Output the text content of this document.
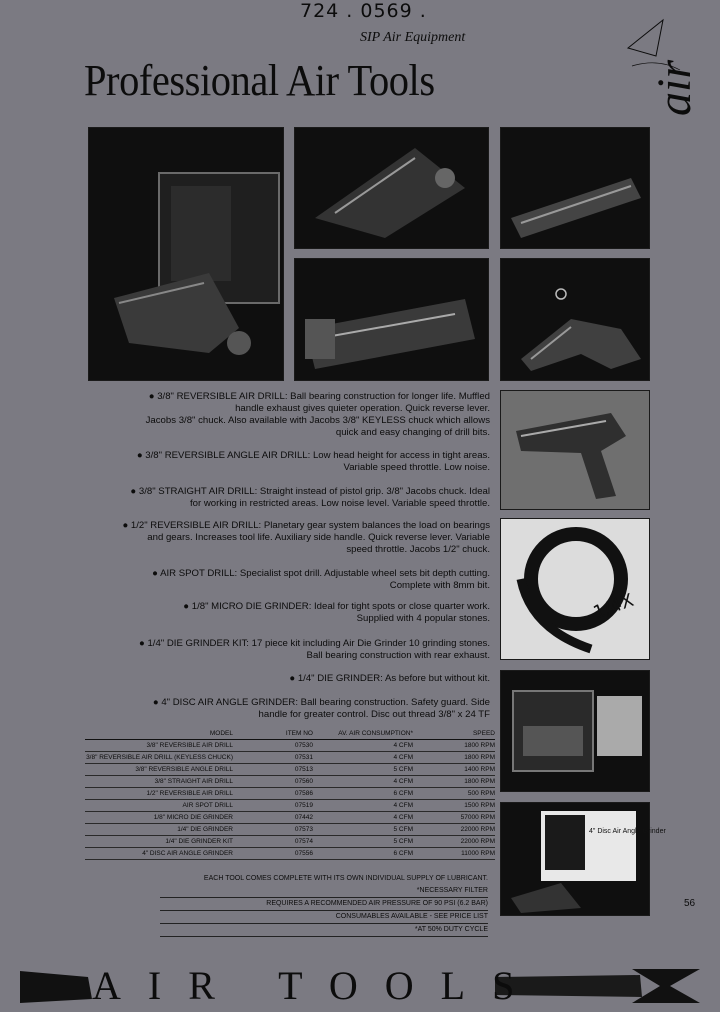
724 . 0569 .
SIP Air Equipment
Professional Air Tools	air
1/4X
4" Disc Air Angle Grinder
● 3/8" REVERSIBLE AIR DRILL: Ball bearing construction for longer life. Muffled
handle exhaust gives quieter operation. Quick reverse lever.
Jacobs 3/8" chuck. Also available with Jacobs 3/8" KEYLESS chuck which allows
quick and easy changing of drill bits.
● 3/8" REVERSIBLE ANGLE AIR DRILL: Low head height for access in tight areas.
Variable speed throttle. Low noise.
● 3/8" STRAIGHT AIR DRILL: Straight instead of pistol grip. 3/8" Jacobs chuck. Ideal
for working in restricted areas. Low noise level. Variable speed throttle.
● 1/2" REVERSIBLE AIR DRILL: Planetary gear system balances the load on bearings
and gears. Increases tool life. Auxiliary side handle. Quick reverse lever. Variable
speed throttle. Jacobs 1/2" chuck.
● AIR SPOT DRILL: Specialist spot drill. Adjustable wheel sets bit depth cutting.
Complete with 8mm bit.
● 1/8" MICRO DIE GRINDER: Ideal for tight spots or close quarter work.
Supplied with 4 popular stones.
● 1/4" DIE GRINDER KIT: 17 piece kit including Air Die Grinder 10 grinding stones.
Ball bearing construction with rear exhaust.
● 1/4" DIE GRINDER: As before but without kit.
● 4" DISC AIR ANGLE GRINDER: Ball bearing construction. Safety guard. Side
handle for greater control. Disc out thread 3/8" x 24 TF
MODEL	ITEM NO	AV. AIR CONSUMPTION*	SPEED
3/8" REVERSIBLE AIR DRILL	07530	4 CFM	1800 RPM
3/8" REVERSIBLE AIR DRILL (KEYLESS CHUCK)	07531	4 CFM	1800 RPM
3/8" REVERSIBLE ANGLE DRILL	07513	5 CFM	1400 RPM
3/8" STRAIGHT AIR DRILL	07560	4 CFM	1800 RPM
1/2" REVERSIBLE AIR DRILL	07586	6 CFM	500 RPM
AIR SPOT DRILL	07519	4 CFM	1500 RPM
1/8" MICRO DIE GRINDER	07442	4 CFM	57000 RPM
1/4" DIE GRINDER	07573	5 CFM	22000 RPM
1/4" DIE GRINDER KIT	07574	5 CFM	22000 RPM
4" DISC AIR ANGLE GRINDER	07556	6 CFM	11000 RPM
EACH TOOL COMES COMPLETE WITH ITS OWN INDIVIDUAL SUPPLY OF LUBRICANT. *NECESSARY FILTER
REQUIRES A RECOMMENDED AIR PRESSURE OF 90 PSI (6.2 BAR)
CONSUMABLES AVAILABLE - SEE PRICE LIST
*AT 50% DUTY CYCLE
56
AIR TOOLS
